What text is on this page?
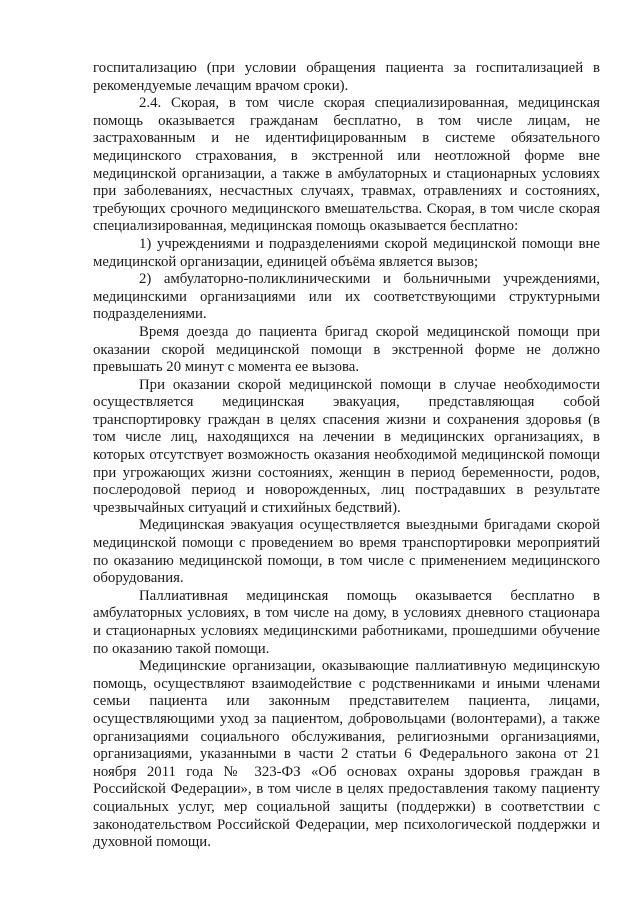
госпитализацию (при условии обращения пациента за госпитализацией в рекомендуемые лечащим врачом сроки).

2.4. Скорая, в том числе скорая специализированная, медицинская помощь оказывается гражданам бесплатно, в том числе лицам, не застрахованным и не идентифицированным в системе обязательного медицинского страхования, в экстренной или неотложной форме вне медицинской организации, а также в амбулаторных и стационарных условиях при заболеваниях, несчастных случаях, травмах, отравлениях и состояниях, требующих срочного медицинского вмешательства. Скорая, в том числе скорая специализированная, медицинская помощь оказывается бесплатно:

1) учреждениями и подразделениями скорой медицинской помощи вне медицинской организации, единицей объёма является вызов;

2) амбулаторно-поликлиническими и больничными учреждениями, медицинскими организациями или их соответствующими структурными подразделениями.

Время доезда до пациента бригад скорой медицинской помощи при оказании скорой медицинской помощи в экстренной форме не должно превышать 20 минут с момента ее вызова.

При оказании скорой медицинской помощи в случае необходимости осуществляется медицинская эвакуация, представляющая собой транспортировку граждан в целях спасения жизни и сохранения здоровья (в том числе лиц, находящихся на лечении в медицинских организациях, в которых отсутствует возможность оказания необходимой медицинской помощи при угрожающих жизни состояниях, женщин в период беременности, родов, послеродовой период и новорожденных, лиц пострадавших в результате чрезвычайных ситуаций и стихийных бедствий).

Медицинская эвакуация осуществляется выездными бригадами скорой медицинской помощи с проведением во время транспортировки мероприятий по оказанию медицинской помощи, в том числе с применением медицинского оборудования.

Паллиативная медицинская помощь оказывается бесплатно в амбулаторных условиях, в том числе на дому, в условиях дневного стационара и стационарных условиях медицинскими работниками, прошедшими обучение по оказанию такой помощи.

Медицинские организации, оказывающие паллиативную медицинскую помощь, осуществляют взаимодействие с родственниками и иными членами семьи пациента или законным представителем пациента, лицами, осуществляющими уход за пациентом, добровольцами (волонтерами), а также организациями социального обслуживания, религиозными организациями, организациями, указанными в части 2 статьи 6 Федерального закона от 21 ноября 2011 года № 323-ФЗ «Об основах охраны здоровья граждан в Российской Федерации», в том числе в целях предоставления такому пациенту социальных услуг, мер социальной защиты (поддержки) в соответствии с законодательством Российской Федерации, мер психологической поддержки и духовной помощи.
